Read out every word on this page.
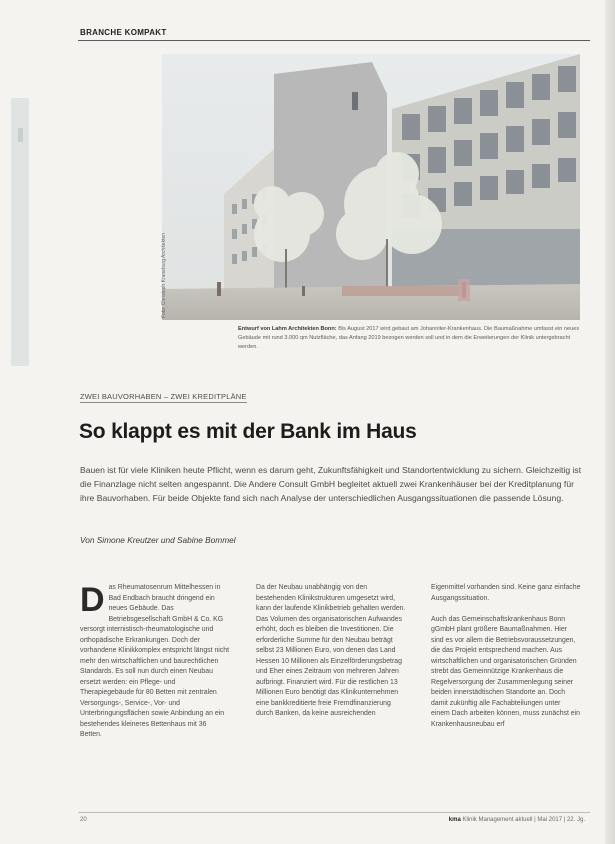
BRANCHE KOMPAKT
Foto: Christoph Kraneburg Architekten
Entwurf von Lahm Architekten Bonn: Bis August 2017 wird gebaut am Johanniter-Krankenhaus. Die Baumaßnahme umfasst ein neues Gebäude mit rund 3.000 qm Nutzfläche, das Anfang 2019 bezogen werden soll und in dem die Erweiterungen der Klinik untergebracht werden.
ZWEI BAUVORHABEN – ZWEI KREDITPLÄNE
So klappt es mit der Bank im Haus
Bauen ist für viele Kliniken heute Pflicht, wenn es darum geht, Zukunftsfähigkeit und Standortentwicklung zu sichern. Gleichzeitig ist die Finanzlage nicht selten angespannt. Die Andere Consult GmbH begleitet aktuell zwei Krankenhäuser bei der Kreditplanung für ihre Bauvorhaben. Für beide Objekte fand sich nach Analyse der unterschiedlichen Ausgangssituationen die passende Lösung.
Von Simone Kreutzer und Sabine Bommel

Das Rheumatosenrum Mittelhessen in Bad Endbach braucht dringend ein neues Gebäude. Das Betriebsgesellschaft GmbH & Co. KG versorgt internistisch-rheumatologische und orthopädische Erkrankungen. Doch der vorhandene Klinikkomplex entspricht längst nicht mehr den wirtschaftlichen und baurechtlichen Standards. Es soll nun durch einen Neubau ersetzt werden: ein Pflege- und Therapiegebäude für 80 Betten mit zentralen Versorgungs-, Service-, Vor- und Unterbringungsflächen sowie Anbindung an ein bestehendes kleineres Bettenhaus mit 36 Betten.

Da der Neubau unabhängig von den bestehenden Klinikstrukturen umgesetzt wird, kann der laufende Klinikbetrieb gehalten werden. Das Volumen des organisatorischen Aufwandes erhöht, doch es bleiben die Investitionen. Die erforderliche Summe für den Neubau beträgt selbst 23 Millionen Euro, von denen das Land Hessen 10 Millionen als Einzelförderungsbetrag und Eher eines Zeitraum von mehreren Jahren aufbringt. Finanziert wird. Für die restlichen 13 Millionen Euro benötigt das Klinikunternehmen eine bankkreditierte freie Fremdfinanzierung durch Banken, da keine ausreichenden

Eigenmittel vorhanden sind. Keine ganz einfache Ausgangssituation.

Auch das Gemeinschaftskrankenhaus Bonn gGmbH plant größere Baumaßnahmen. Hier sind es vor allem die Betriebsvoraussetzungen, die das Projekt entsprechend machen. Aus wirtschaftlichen und organisatorischen Gründen strebt das Gemeinnützige Krankenhaus die Regelversorgung der Zusammenlegung seiner beiden innerstädtischen Standorte an. Doch damit zukünftig alle Fachabteilungen unter einem Dach arbeiten können, muss zunächst ein Krankenhausneubau erf

20	kma Klinik Management aktuell | Mai 2017 | 22. Jg.
